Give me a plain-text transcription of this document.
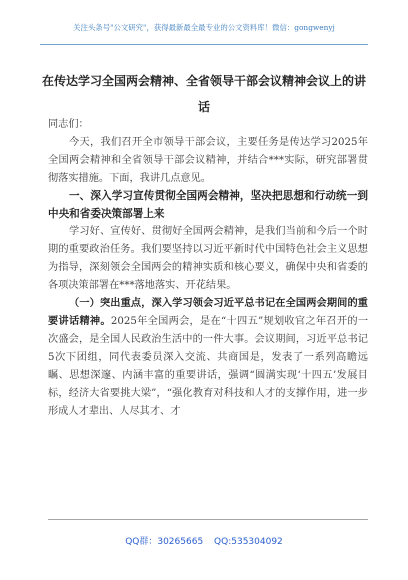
关注头条号"公文研究"，获得最新最全最专业的公文资料库！微信：gongwenyj
在传达学习全国两会精神、全省领导干部会议精神会议上的讲话

同志们：

今天，我们召开全市领导干部会议，主要任务是传达学习2025年全国两会精神和全省领导干部会议精神，并结合***实际，研究部署贯彻落实措施。下面，我讲几点意见。

一、深入学习宣传贯彻全国两会精神，坚决把思想和行动统一到中央和省委决策部署上来

学习好、宣传好、贯彻好全国两会精神，是我们当前和今后一个时期的重要政治任务。我们要坚持以习近平新时代中国特色社会主义思想为指导，深刻领会全国两会的精神实质和核心要义，确保中央和省委的各项决策部署在***落地落实、开花结果。

（一）突出重点，深入学习领会习近平总书记在全国两会期间的重要讲话精神。2025年全国两会，是在“十四五”规划收官之年召开的一次盛会，是全国人民政治生活中的一件大事。会议期间，习近平总书记5次下团组，同代表委员深入交流、共商国是，发表了一系列高瞻远瞩、思想深邃、内涵丰富的重要讲话，强调“圆满实现‘十四五’发展目标，经济大省要挑大梁”，“强化教育对科技和人才的支撑作用，进一步形成人才辈出、人尽其才、才

QQ群：30265665 QQ:535304092
